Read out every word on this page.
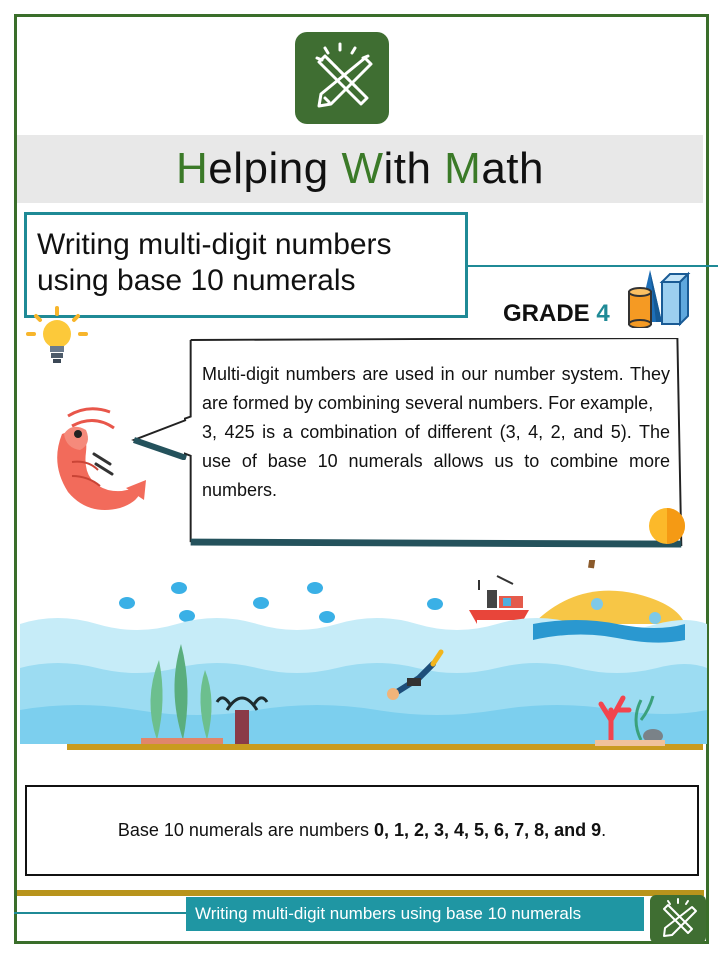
Helping With Math
Writing multi-digit numbers
using base 10 numerals
GRADE 4
Multi-digit numbers are used in our number system. They are formed by combining several numbers. For example,
3, 425 is a combination of different (3, 4, 2, and 5). The use of base 10 numerals allows us to combine more numbers.
Base 10 numerals are numbers 0, 1, 2, 3, 4, 5, 6, 7, 8, and 9.
Writing multi-digit numbers using base 10 numerals
